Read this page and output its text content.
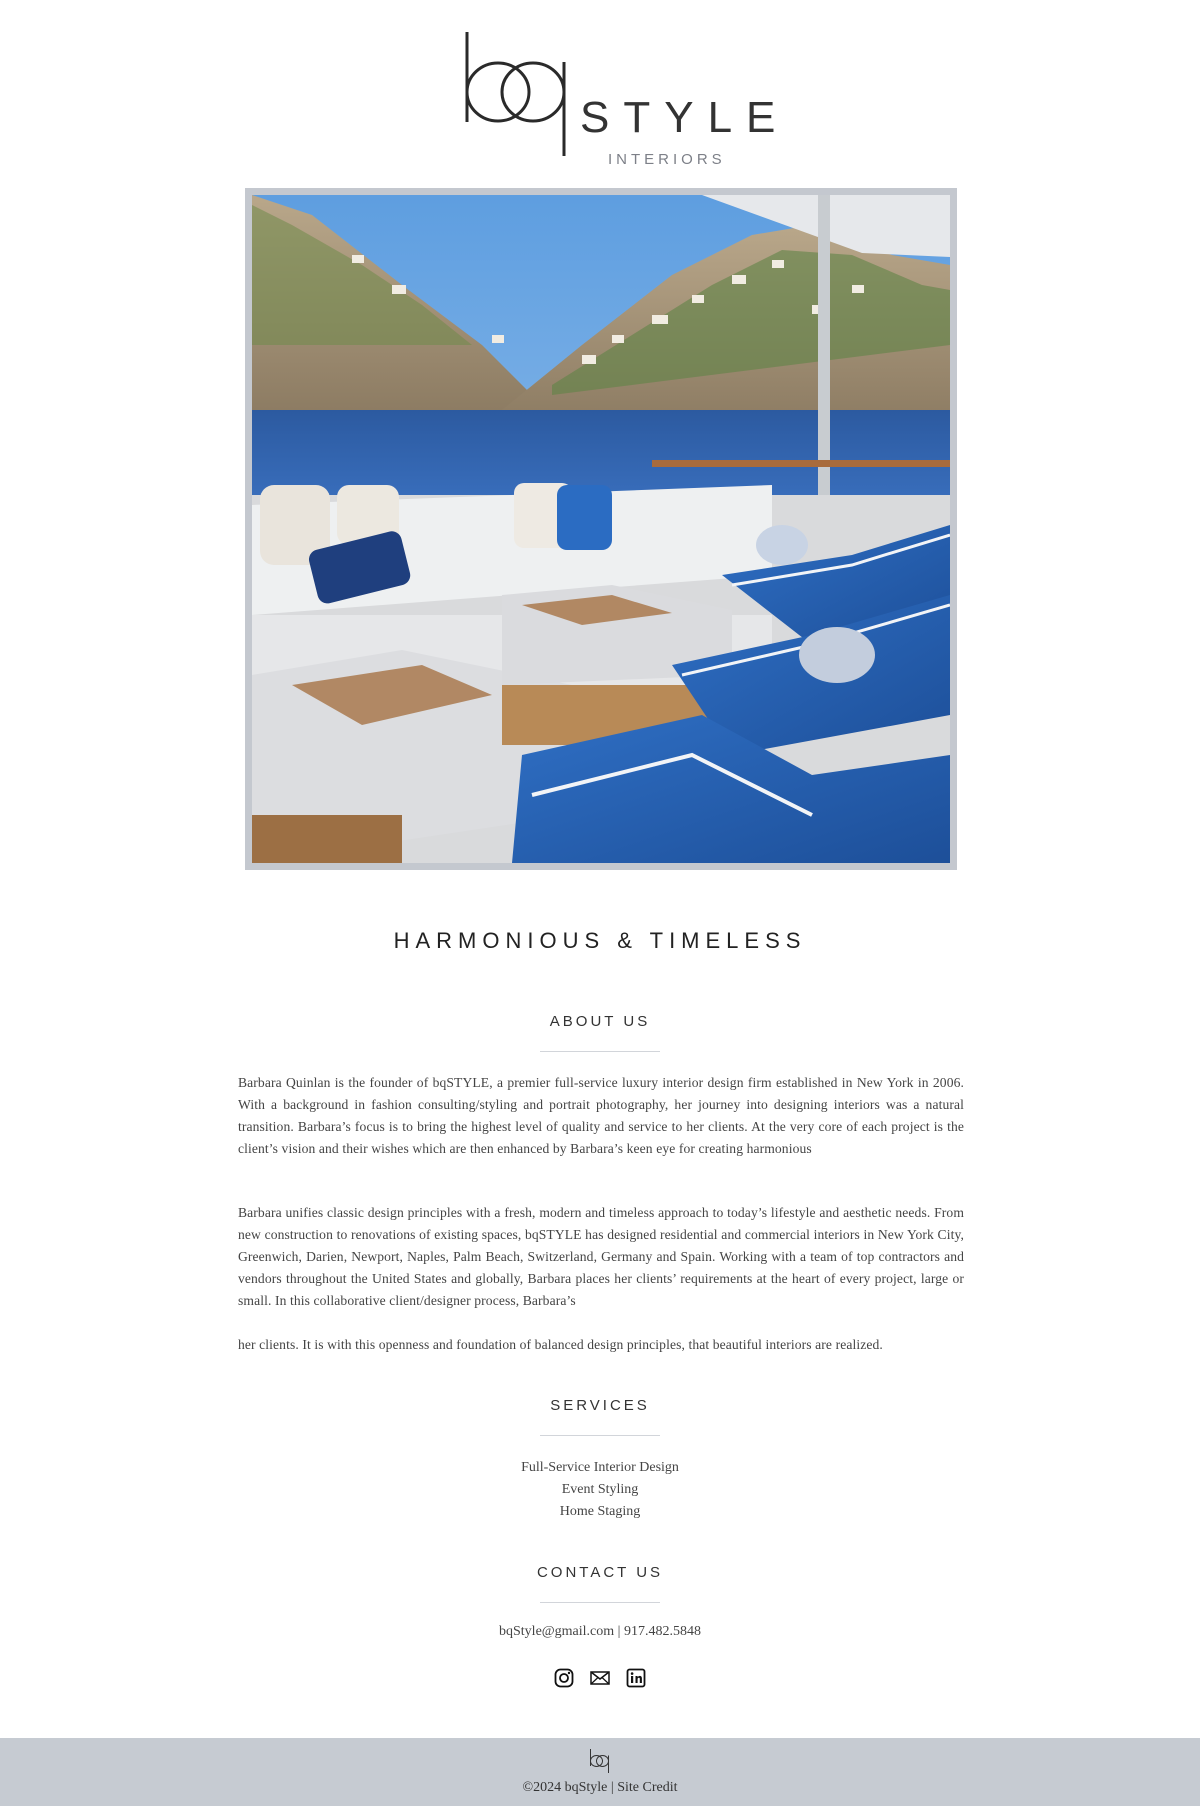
STYLE
INTERIORS
HARMONIOUS & TIMELESS
ABOUT US
Barbara Quinlan is the founder of bqSTYLE, a premier full-service luxury interior design firm established in New York in 2006. With a background in fashion consulting/styling and portrait photography, her journey into designing interiors was a natural transition. Barbara’s focus is to bring the highest level of quality and service to her clients. At the very core of each project is the client’s vision and their wishes which are then enhanced by Barbara’s keen eye for creating harmonious
Barbara unifies classic design principles with a fresh, modern and timeless approach to today’s lifestyle and aesthetic needs. From new construction to renovations of existing spaces, bqSTYLE has designed residential and commercial interiors in New York City, Greenwich, Darien, Newport, Naples, Palm Beach, Switzerland, Germany and Spain. Working with a team of top contractors and vendors throughout the United States and globally, Barbara places her clients’ requirements at the heart of every project, large or small. In this collaborative client/designer process, Barbara’s
her clients. It is with this openness and foundation of balanced design principles, that beautiful interiors are realized.
SERVICES
Full-Service Interior Design
Event Styling
Home Staging
CONTACT US
bqStyle@gmail.com | 917.482.5848
©2024 bqStyle | Site Credit
